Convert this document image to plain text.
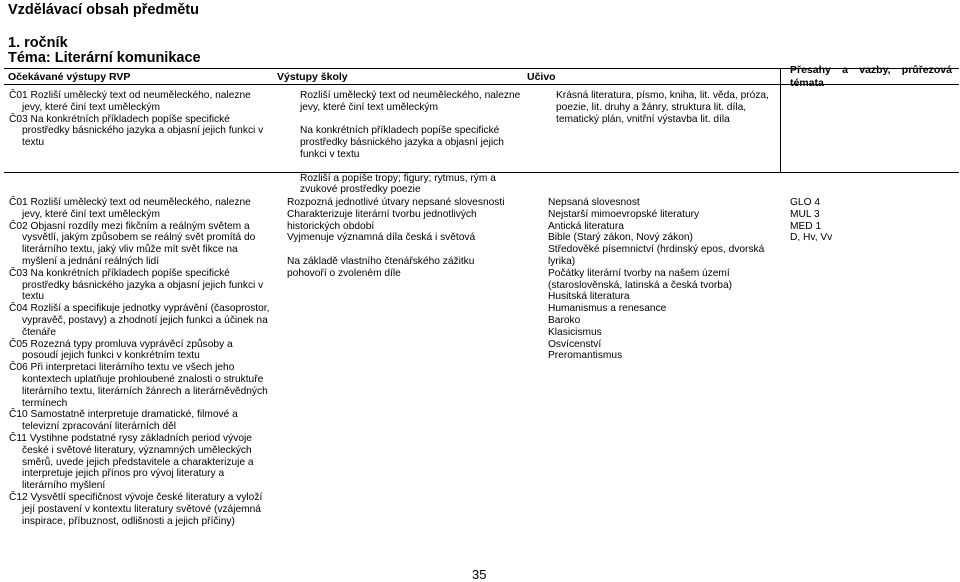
Vzdělávací obsah předmětu
1. ročník
Téma: Literární komunikace
Očekávané výstupy RVP	Výstupy školy	Učivo
Přesahy a vazby, průřezová témata

Č01 Rozliší umělecký text od neuměleckého, nalezne jevy, které činí text uměleckým

Č03 Na konkrétních příkladech popíše specifické prostředky básnického jazyka a objasní jejich funkci v textu

Rozliší umělecký text od neuměleckého, nalezne jevy, které činí text uměleckým

Na konkrétních příkladech popíše specifické prostředky básnického jazyka a objasní jejich funkci v textu

Rozliší a popíše tropy; figury; rytmus, rým a zvukové prostředky poezie

Krásná literatura, písmo, kniha, lit. věda, próza, poezie, lit. druhy a žánry, struktura lit. díla, tematický plán, vnitřní výstavba lit. díla

Č01 Rozliší umělecký text od neuměleckého, nalezne jevy, které činí text uměleckým

Č02 Objasní rozdíly mezi fikčním a reálným světem a vysvětlí, jakým způsobem se reálný svět promítá do literárního textu, jaký vliv může mít svět fikce na myšlení a jednání reálných lidí

Č03 Na konkrétních příkladech popíše specifické prostředky básnického jazyka a objasní jejich funkci v textu

Č04 Rozliší a specifikuje jednotky vyprávění (časoprostor, vypravěč, postavy) a zhodnotí jejich funkci a účinek na čtenáře

Č05 Rozezná typy promluva vyprávěcí způsoby a posoudí jejich funkci v konkrétním textu

Č06 Při interpretaci literárního textu ve všech jeho kontextech uplatňuje prohloubené znalosti o struktuře literárního textu, literárních žánrech a literárněvědných termínech

Č10 Samostatně interpretuje dramatické, filmové a televizní zpracování literárních děl

Č11 Vystihne podstatné rysy základních period vývoje české i světové literatury, významných uměleckých směrů, uvede jejich představitele a charakterizuje a interpretuje jejich přínos pro vývoj literatury a literárního myšlení

Č12 Vysvětlí specifičnost vývoje české literatury a vyloží její postavení v kontextu literatury světové (vzájemná inspirace, příbuznost, odlišnosti a jejich příčiny)

Rozpozná jednotlivé útvary nepsané slovesnosti

Charakterizuje literární tvorbu jednotlivých historických období

Vyjmenuje významná díla česká i světová

Na základě vlastního čtenářského zážitku pohovoří o zvoleném díle

Nepsaná slovesnost

Nejstarší mimoevropské literatury

Antická literatura

Bible (Starý zákon, Nový zákon)

Středověké písemnictví (hrdinský epos, dvorská lyrika)

Počátky literární tvorby na našem území (staroslověnská, latinská a česká tvorba)

Husitská literatura

Humanismus a renesance

Baroko

Klasicismus

Osvícenství

Preromantismus

GLO 4

MUL 3

MED 1

D, Hv, Vv

35
